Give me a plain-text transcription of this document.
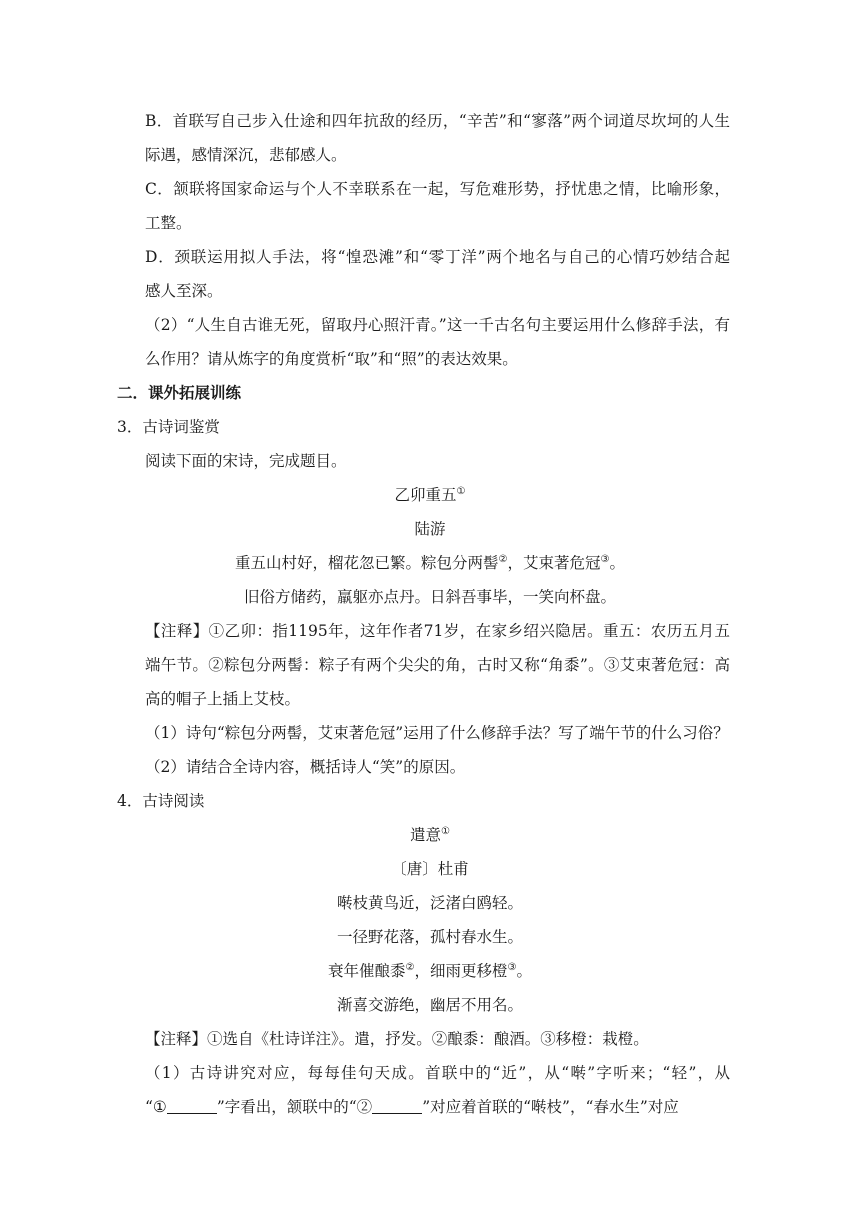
B．首联写自己步入仕途和四年抗敌的经历，“辛苦”和“寥落”两个词道尽坎坷的人生
际遇，感情深沉，悲郁感人。
C．颔联将国家命运与个人不幸联系在一起，写危难形势，抒忧患之情，比喻形象，
工整。
D．颈联运用拟人手法，将“惶恐滩”和“零丁洋”两个地名与自己的心情巧妙结合起
感人至深。
（2）“人生自古谁无死，留取丹心照汗青。”这一千古名句主要运用什么修辞手法，有
么作用？请从炼字的角度赏析“取”和“照”的表达效果。
二．课外拓展训练
3．古诗词鉴赏
阅读下面的宋诗，完成题目。
乙卯重五①
陆游
重五山村好，榴花忽已繁。粽包分两髻②，艾束著危冠③。
旧俗方储药，羸躯亦点丹。日斜吾事毕，一笑向杯盘。
【注释】①乙卯：指1195年，这年作者71岁，在家乡绍兴隐居。重五：农历五月五
端午节。②粽包分两髻：粽子有两个尖尖的角，古时又称“角黍”。③艾束著危冠：高
高的帽子上插上艾枝。
（1）诗句“粽包分两髻，艾束著危冠”运用了什么修辞手法？写了端午节的什么习俗？
（2）请结合全诗内容，概括诗人“笑”的原因。
4．古诗阅读
遣意①
〔唐〕杜甫
啭枝黄鸟近，泛渚白鸥轻。
一径野花落，孤村春水生。
衰年催酿黍②，细雨更移橙③。
渐喜交游绝，幽居不用名。
【注释】①选自《杜诗详注》。遣，抒发。②酿黍：酿酒。③移橙：栽橙。
（1）古诗讲究对应，每每佳句天成。首联中的“近”，从“啭”字听来；“轻”，从
“①	”字看出，颔联中的“②	”对应着首联的“啭枝”，“春水生”对应
